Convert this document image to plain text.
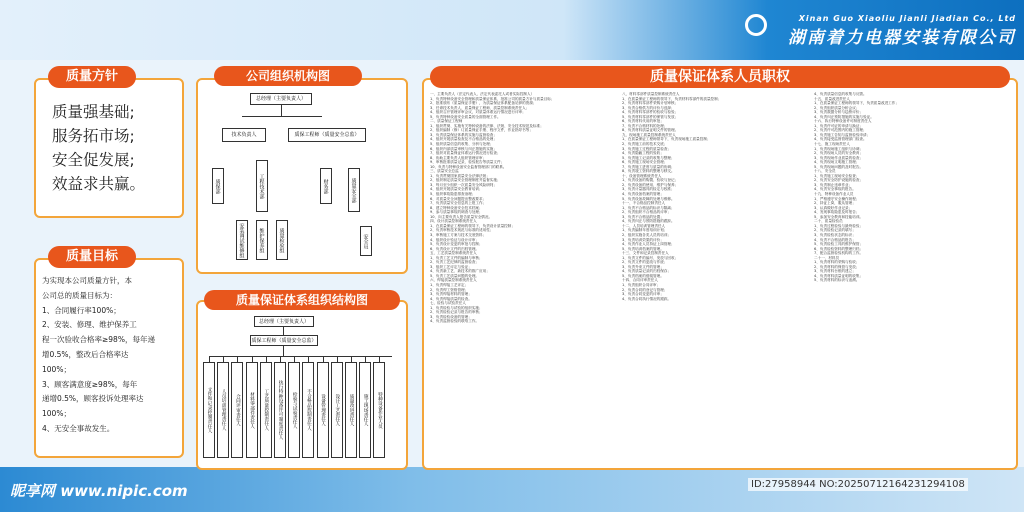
Xinan Guo Xiaoliu Jianli Jiadian Co., Ltd
湖南着力电器安装有限公司
质量方针
质量强基础;
服务拓市场;
安全促发展;
效益求共赢。
质量目标
为实现本公司质量方针，本
公司总的质量目标为：
1、合同履行率100%；
2、安装、修理、维护保养工
程一次验收合格率≥98%，每年递
增0.5%，整改后合格率达
100%；
3、顾客满意度≥98%，每年
递增0.5%，顾客投诉处理率达
100%；
4、无安全事故发生。
公司组织机构图
总经理（主要负责人）
技术负责人	质保工程师（质量安全总监）
工程技术部
质保部	质量安全部
财务部
安装调试维修组	维护保养组	质量检验组	安全员
质量保证体系组织结构图
总经理（主要负责人）
质保工程师（质量安全总监）
文件和记录控制责任人	人员培训管理责任人	合同评审责任人	材料零部件责任人	工艺质量控制责任人	执行特种设备许可制度责任人	检验与试验责任人	不合格品控制责任人	设备管理责任人	设计工艺责任人	质量改进责任人	施工现场责任人	特种设备作业人员
质量保证体系人员职权
一、主要负责人（法定代表人、法定代表委托人或者实际控制人）
1、负责特种设备安全管理和质量保证体系，批准公司的质量方针与质量目标；
2、批准颁布《质量保证手册》，为质量保证体系配备足够的资源；
3、任命技术负责人、质量保证工程师、质量控制系统责任人；
4、组织召开管理评审会议，对质量体系运行情况进行评审；
5、负责特种设备安全质量的全面管理工作。
二、质量保证工程师
1、组织贯彻、实施有关特种设备的法律、法规、安全技术规范及标准；
2、组织编制（修）订质量保证手册、程序文件，作业指导书等；
3、负责质量保证体系的实施与监督检查；
4、组织开展质量检查及不合格品的处理；
5、组织质量信息的收集、分析与处理；
6、组织内部质量审核与纠正措施的实施；
7、组织对质量保证体系运行情况进行检查；
8、协助主要负责人组织管理评审；
9、审核批准质量记录、检验报告等质量文件；
10、负责与特种设备安全监督管理部门的联系。
三、质量安全总监
1、负责贯彻国家质量安全法律法规；
2、组织制定质量安全管理制度并监督实施；
3、每月至少组织一次质量安全风险研判；
4、组织开展质量安全教育培训；
5、组织事故隐患排查治理；
6、对质量安全问题提出整改要求；
7、负责质量安全信息的上报工作；
8、建立特种设备安全技术档案；
9、参与质量事故的调查与处理；
10、向主要负责人报告质量安全情况。
四、设计质量控制系统责任人
1、在质量保证工程师的领导下，负责设计质量控制；
2、负责审核技术规范与标准的适用性；
3、审核施工方案与技术交底资料；
4、组织设计验证与设计评审；
5、负责设计变更的审批与控制；
6、负责设计文件的归档管理。
五、工艺质量控制系统责任人
1、负责工艺文件的编制与审核；
2、负责工艺纪律的监督检查；
3、组织工艺评定与验证；
4、负责新工艺、新技术的推广应用；
5、负责工艺质量问题的处理。
六、焊接质量控制系统责任人
1、负责焊接工艺评定；
2、负责焊工资格管理；
3、负责焊接材料的管理；
4、负责焊接质量的检查。
七、检验与试验责任人
1、负责检验与试验的组织实施；
2、负责检验记录与报告的审核；
3、负责检验设备的管理；
4、负责监督检验的联络工作。
八、材料零部件质量控制系统责任人
1、在质量保证工程师的领导下，负责材料零部件的质量控制；
2、负责材料零部件采购计划审核；
3、负责合格供方的评价与选择；
4、负责材料零部件的验收与检验；
5、负责材料零部件的保管与发放；
6、负责材料代用的审批；
7、负责不合格材料的处理；
8、负责材料质量证明文件的管理。
九、现场施工质量控制系统责任人
1、在质量保证工程师领导下，负责现场施工质量控制；
2、负责施工前的技术交底；
3、负责施工过程的质量检查；
4、负责隐蔽工程的验收；
5、负责施工记录的收集与整理；
6、负责施工现场安全管理；
7、负责施工进度与质量的协调；
8、负责竣工资料的整理与移交。
十、设备管理系统责任人
1、负责设备的购置、验收与登记；
2、负责设备的使用、维护与保养；
3、负责计量器具的检定与校准；
4、负责设备档案的管理；
5、负责设备故障的处理与维修。
十一、不合格品控制责任人
1、负责不合格品的标识与隔离；
2、负责组织不合格品的评审；
3、负责不合格品的处置；
4、负责纠正与预防措施的跟踪。
十二、人员培训管理责任人
1、负责编制年度培训计划；
2、组织实施各类人员的培训；
3、负责培训效果的评价；
4、负责作业人员持证上岗管理；
5、负责培训档案的管理。
十三、文件和记录控制责任人
1、负责文件的编号、发放与回收；
2、负责文件的更改与作废；
3、负责外来文件的管理；
4、负责质量记录的归档保存；
5、负责档案的借阅管理。
十四、合同评审责任人
1、负责组织合同评审；
2、负责合同的登记与管理；
3、负责合同变更的评审；
4、负责合同执行情况的跟踪。
4、负责质量信息的收集与反馈。
十五、质量改进责任人
1、在质量保证工程师的领导下，负责质量改进工作；
2、负责组织质量分析会议；
3、负责数据分析与趋势评价；
4、负责纠正预防措施的实施与验证。
十六、执行特种设备许可制度责任人
1、负责许可证的申请与换证；
2、负责许可范围内的施工管理；
3、负责施工告知与监督检验申请；
4、负责接受监督管理部门检查。
十七、施工现场责任人
1、负责现场施工组织与协调；
2、负责现场人员的安全教育；
3、负责现场作业质量的检查；
4、负责现场文明施工管理；
5、负责现场问题的及时报告。
十八、安全员
1、负责施工现场安全检查；
2、负责安全防护设施的检查；
3、负责制止违章作业；
4、负责安全事故的报告。
十九、特种设备作业人员
1、严格遵守安全操作规程；
2、持证上岗，服从管理；
3、认真做好作业记录；
4、发现事故隐患及时报告；
5、参加安全教育和技能培训。
二十、质量检验员
1、负责过程检验与最终检验；
2、负责检验记录的填写；
3、负责检验状态的标识；
4、负责不合格品的报告；
5、负责检验工具的维护保管；
6、负责检验资料的整理归档；
7、配合监督检验机构的工作。
二十一、材料员
1、负责材料的采购与验收；
2、负责材料的保管与发放；
3、负责材料台账的建立；
4、负责材料质量证明的收集；
5、负责材料的标识与追溯。
昵享网 www.nipic.com	ID:27958944 NO:20250712164231294108
